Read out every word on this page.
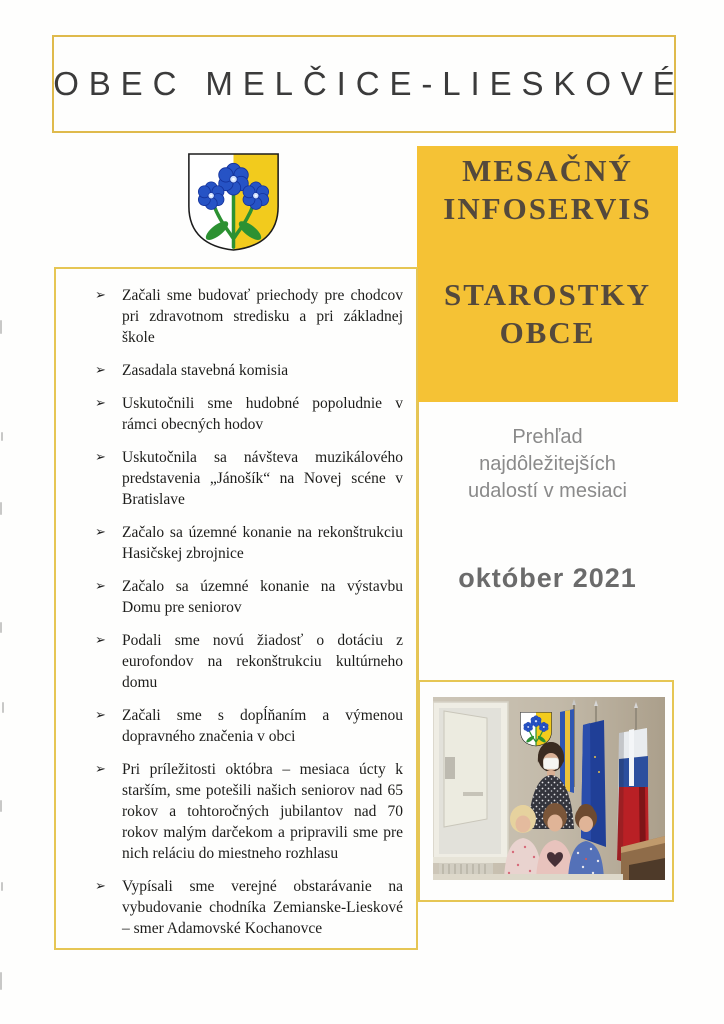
OBEC MELČICE-LIESKOVÉ
MESAČNÝ
INFOSERVIS
STAROSTKY
OBCE
Prehľad
najdôležitejších
udalostí v mesiaci
október 2021
➢ Začali sme budovať priechody pre chodcov pri zdravotnom stredisku a pri základnej škole
➢ Zasadala stavebná komisia
➢ Uskutočnili sme hudobné popoludnie v rámci obecných hodov
➢ Uskutočnila sa návšteva muzikálového predstavenia „Jánošík“ na Novej scéne v Bratislave
➢ Začalo sa územné konanie na rekonštrukciu Hasičskej zbrojnice
➢ Začalo sa územné konanie na výstavbu Domu pre seniorov
➢ Podali sme novú žiadosť o dotáciu z eurofondov na rekonštrukciu kultúrneho domu
➢ Začali sme s dopĺňaním a výmenou dopravného značenia v obci
➢ Pri príležitosti októbra – mesiaca úcty k starším, sme potešili našich seniorov nad 65 rokov a tohtoročných jubilantov nad 70 rokov malým darčekom a pripravili sme pre nich reláciu do miestneho rozhlasu
➢ Vypísali sme verejné obstarávanie na vybudovanie chodníka Zemianske-Lieskové – smer Adamovské Kochanovce
